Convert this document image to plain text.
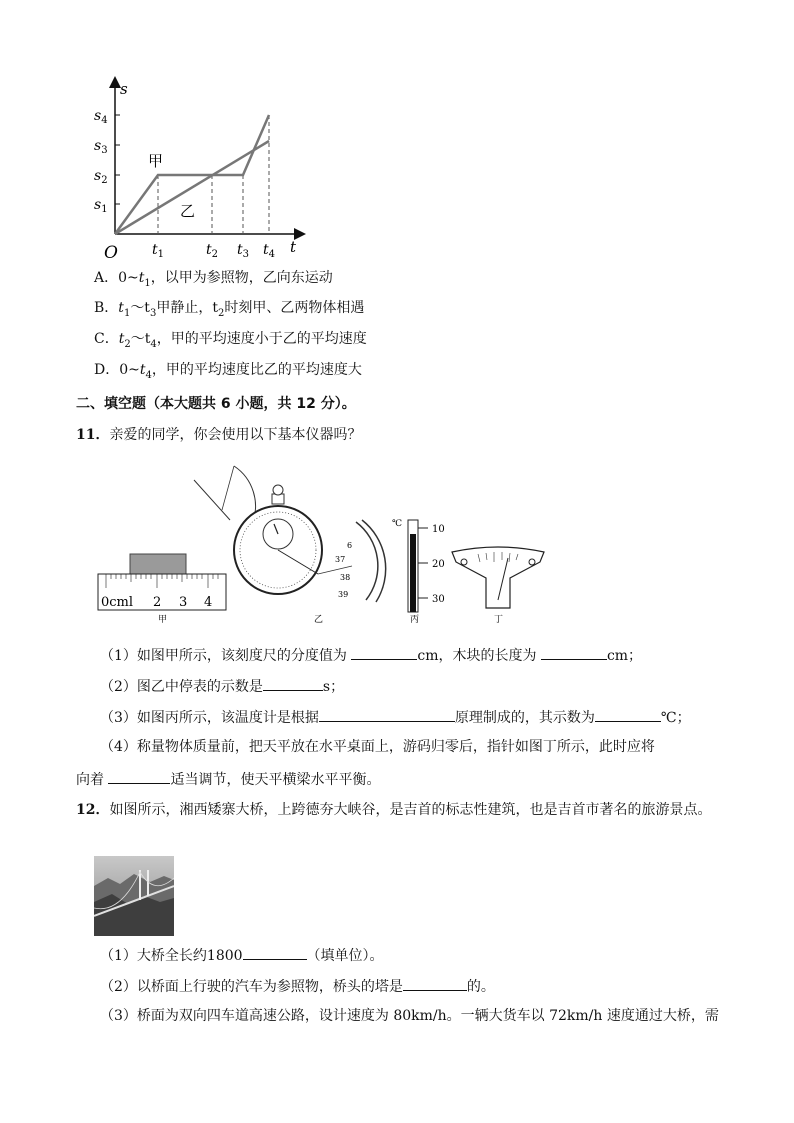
s
t
O
$s_4$
$s_3$
$s_2$
$s_1$
$t_1$	$t_2$ $t_3$ $t_4$
甲
乙
A．$0\sim t_1$，以甲为参照物，乙向东运动
B．$t_1\sim t_3$甲静止，$t_2$时刻甲、乙两物体相遇
C．$t_2\sim t_4$，甲的平均速度小于乙的平均速度
D．$0\sim t_4$，甲的平均速度比乙的平均速度大
二、填空题（本大题共 6 小题，共 12 分）。
11．亲爱的同学，你会使用以下基本仪器吗？
0cml 2 3 4
甲
37
38
39
6
乙
℃	10
20
30
丙	丁
（1）如图甲所示，该刻度尺的分度值为	cm，木块的长度为	cm；
（2）图乙中停表的示数是	s；
（3）如图丙所示，该温度计是根据	原理制成的，其示数为	℃；
（4）称量物体质量前，把天平放在水平桌面上，游码归零后，指针如图丁所示，此时应将
向着	适当调节，使天平横梁水平平衡。
12．如图所示，湘西矮寨大桥，上跨德夯大峡谷，是吉首的标志性建筑，也是吉首市著名的旅游景点。
（1）大桥全长约1800	（填单位）。
（2）以桥面上行驶的汽车为参照物，桥头的塔是	的。
（3）桥面为双向四车道高速公路，设计速度为 80km/h。一辆大货车以 72km/h 速度通过大桥，需
